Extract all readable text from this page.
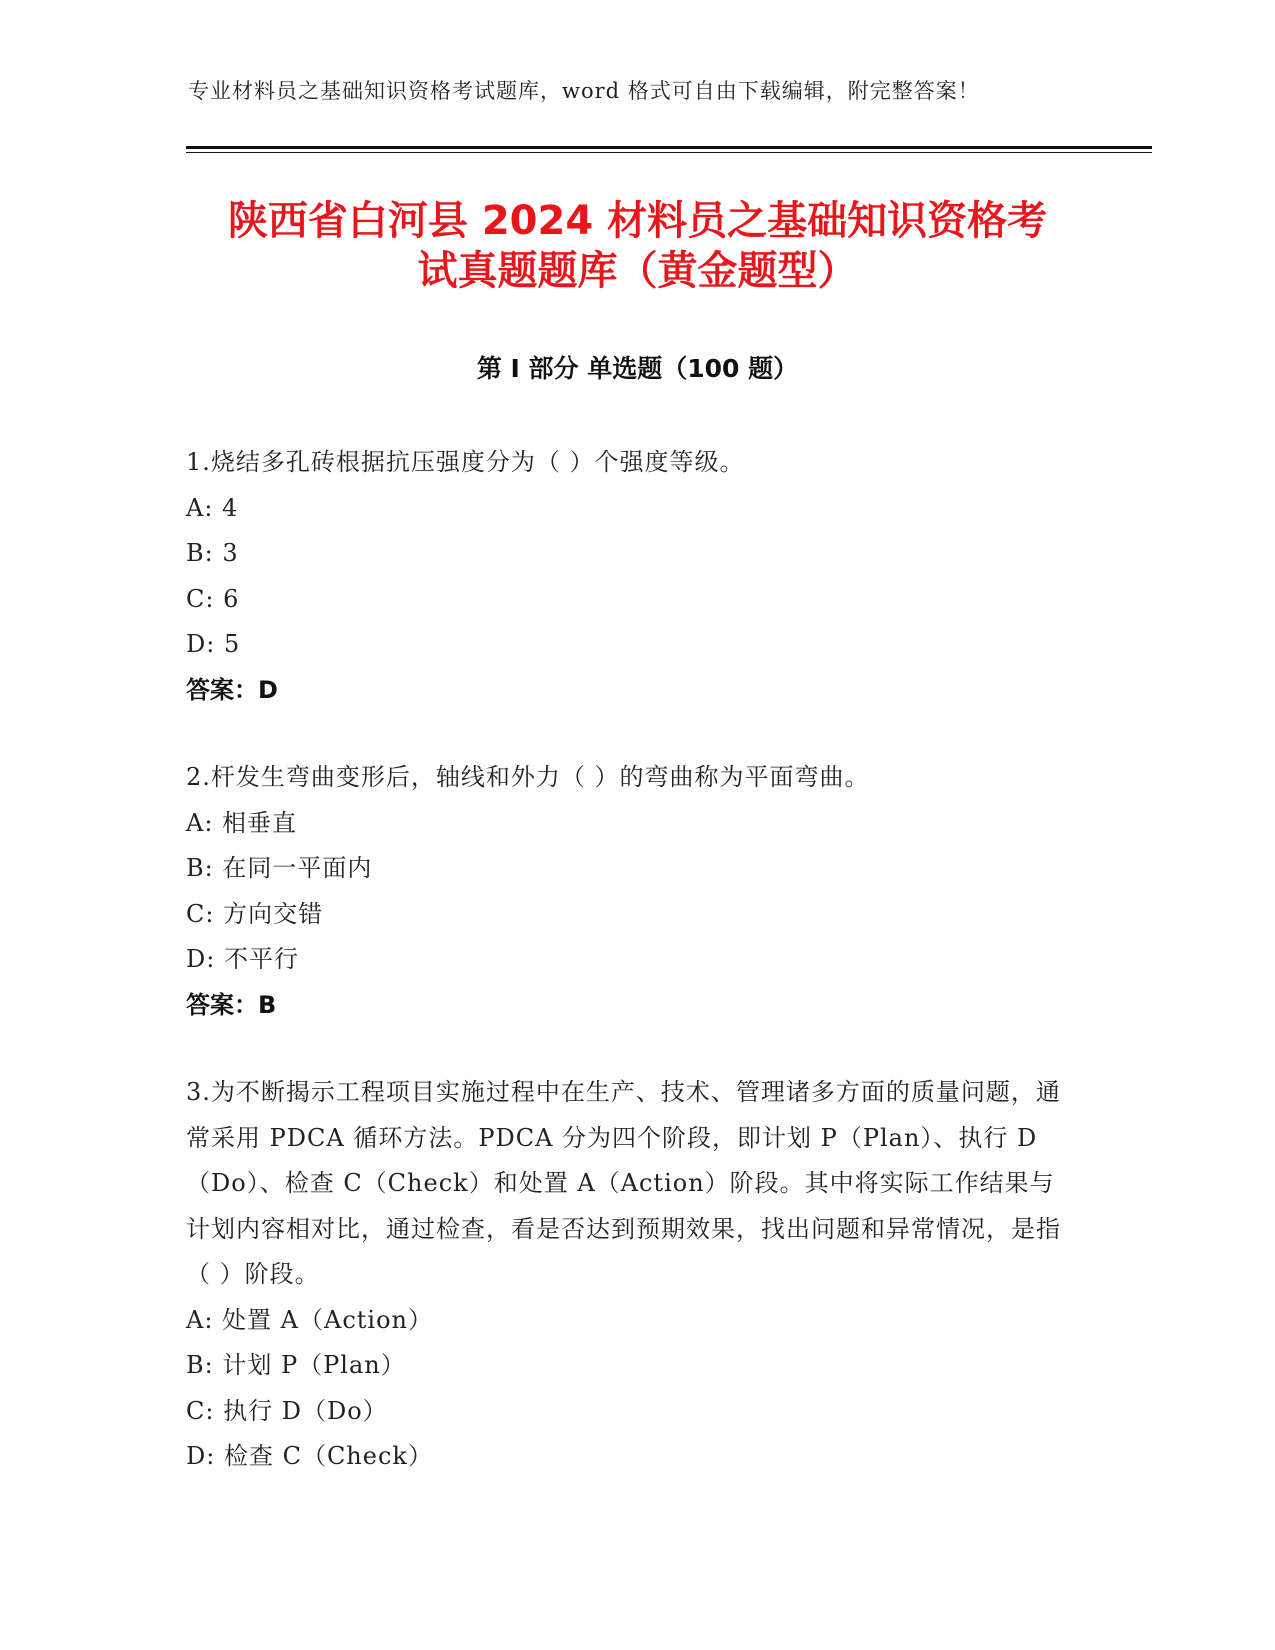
专业材料员之基础知识资格考试题库，word 格式可自由下载编辑，附完整答案！
陕西省白河县 2024 材料员之基础知识资格考
试真题题库（黄金题型）
第 I 部分 单选题（100 题）

1.烧结多孔砖根据抗压强度分为（ ）个强度等级。

A: 4

B: 3

C: 6

D: 5

答案：D

2.杆发生弯曲变形后，轴线和外力（ ）的弯曲称为平面弯曲。

A: 相垂直

B: 在同一平面内

C: 方向交错

D: 不平行

答案：B

3.为不断揭示工程项目实施过程中在生产、技术、管理诸多方面的质量问题，通常采用 PDCA 循环方法。PDCA 分为四个阶段，即计划 P（Plan）、执行 D（Do）、检查 C（Check）和处置 A（Action）阶段。其中将实际工作结果与计划内容相对比，通过检查，看是否达到预期效果，找出问题和异常情况，是指（ ）阶段。

A: 处置 A（Action）

B: 计划 P（Plan）

C: 执行 D（Do）

D: 检查 C（Check）
